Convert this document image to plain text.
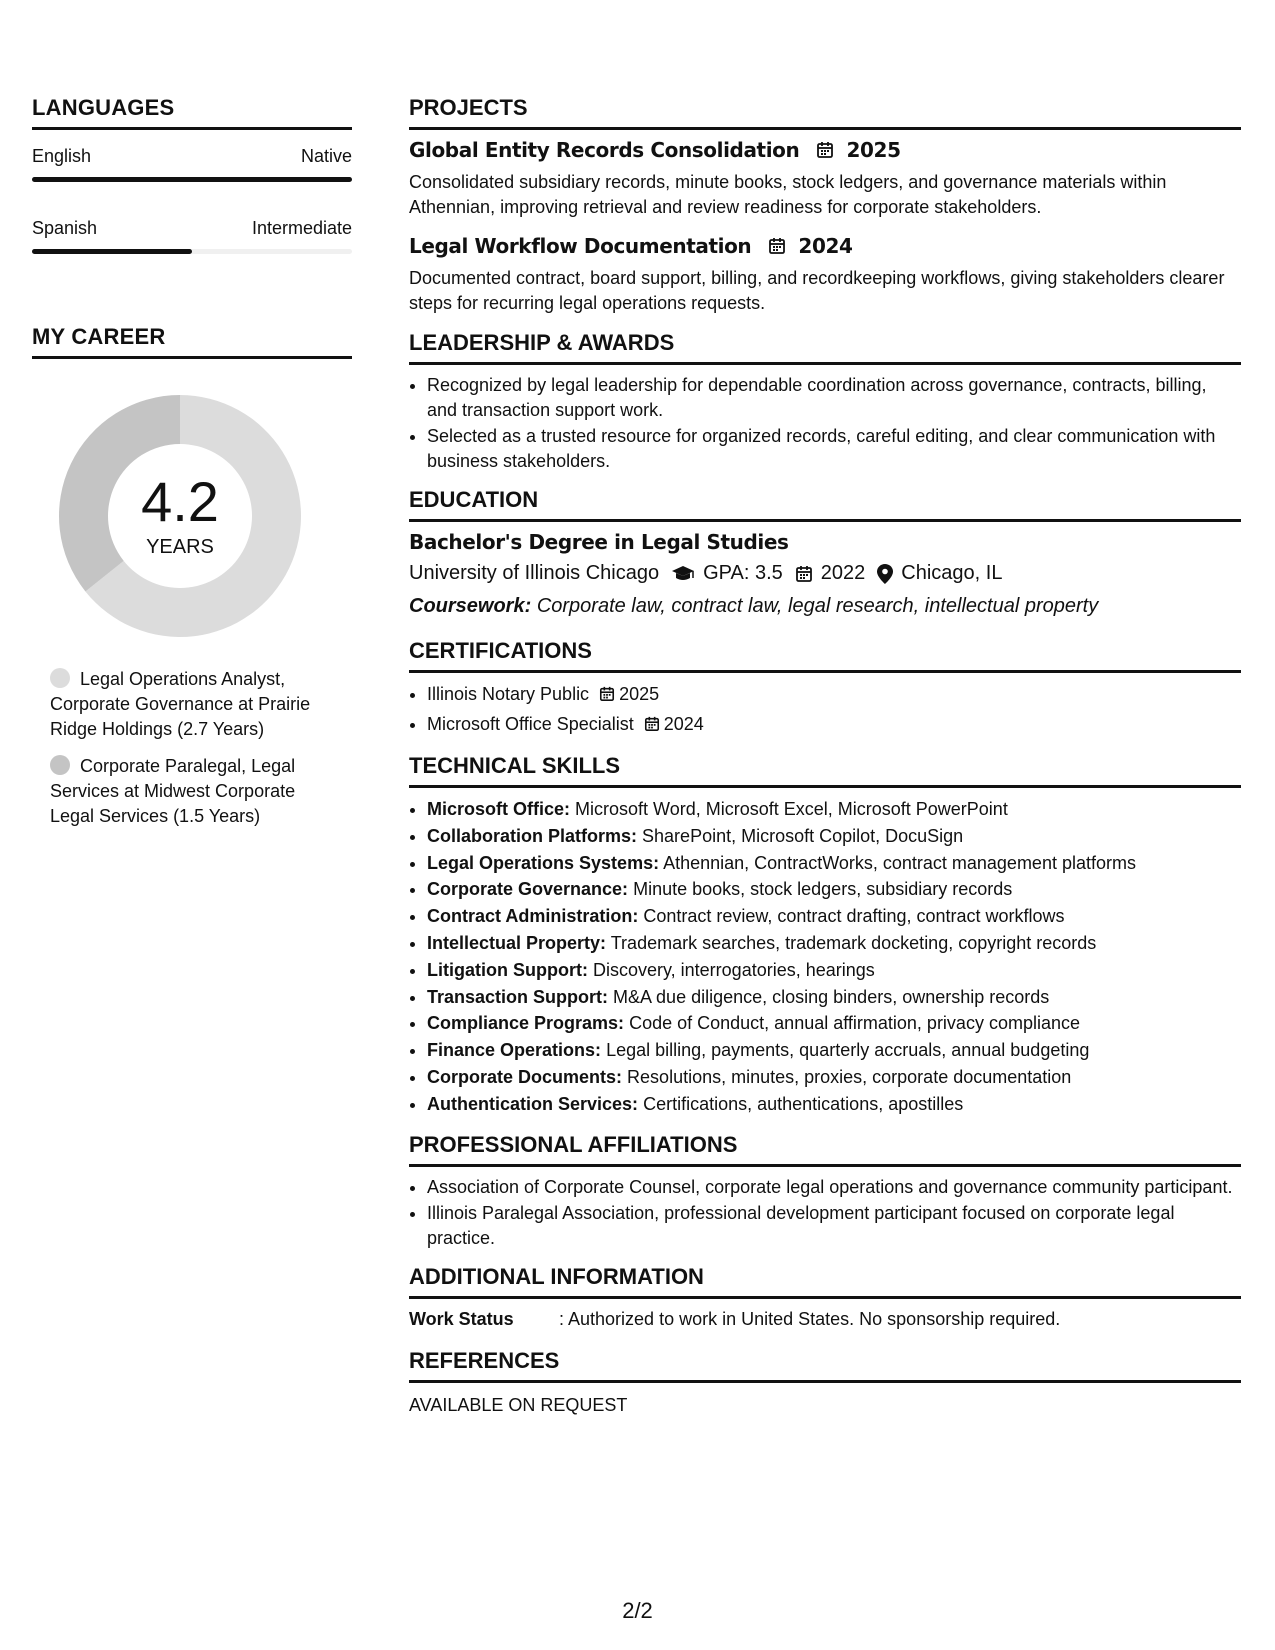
LANGUAGES
English	Native
Spanish	Intermediate
MY CAREER
4.2
YEARS
Legal Operations Analyst, Corporate Governance at Prairie Ridge Holdings (2.7 Years)
Corporate Paralegal, Legal Services at Midwest Corporate Legal Services (1.5 Years)
PROJECTS
Global Entity Records Consolidation 2025
Consolidated subsidiary records, minute books, stock ledgers, and governance materials within Athennian, improving retrieval and review readiness for corporate stakeholders.
Legal Workflow Documentation 2024
Documented contract, board support, billing, and recordkeeping workflows, giving stakeholders clearer steps for recurring legal operations requests.
LEADERSHIP & AWARDS
• Recognized by legal leadership for dependable coordination across governance, contracts, billing, and transaction support work.
• Selected as a trusted resource for organized records, careful editing, and clear communication with business stakeholders.
EDUCATION
Bachelor's Degree in Legal Studies
University of Illinois Chicago GPA: 3.5 2022 Chicago, IL
Coursework: Corporate law, contract law, legal research, intellectual property
CERTIFICATIONS
• Illinois Notary Public 2025
• Microsoft Office Specialist 2024
TECHNICAL SKILLS
• Microsoft Office: Microsoft Word, Microsoft Excel, Microsoft PowerPoint
• Collaboration Platforms: SharePoint, Microsoft Copilot, DocuSign
• Legal Operations Systems: Athennian, ContractWorks, contract management platforms
• Corporate Governance: Minute books, stock ledgers, subsidiary records
• Contract Administration: Contract review, contract drafting, contract workflows
• Intellectual Property: Trademark searches, trademark docketing, copyright records
• Litigation Support: Discovery, interrogatories, hearings
• Transaction Support: M&A due diligence, closing binders, ownership records
• Compliance Programs: Code of Conduct, annual affirmation, privacy compliance
• Finance Operations: Legal billing, payments, quarterly accruals, annual budgeting
• Corporate Documents: Resolutions, minutes, proxies, corporate documentation
• Authentication Services: Certifications, authentications, apostilles
PROFESSIONAL AFFILIATIONS
• Association of Corporate Counsel, corporate legal operations and governance community participant.
• Illinois Paralegal Association, professional development participant focused on corporate legal practice.
ADDITIONAL INFORMATION
Work Status	: Authorized to work in United States. No sponsorship required.
REFERENCES
AVAILABLE ON REQUEST
2/2
